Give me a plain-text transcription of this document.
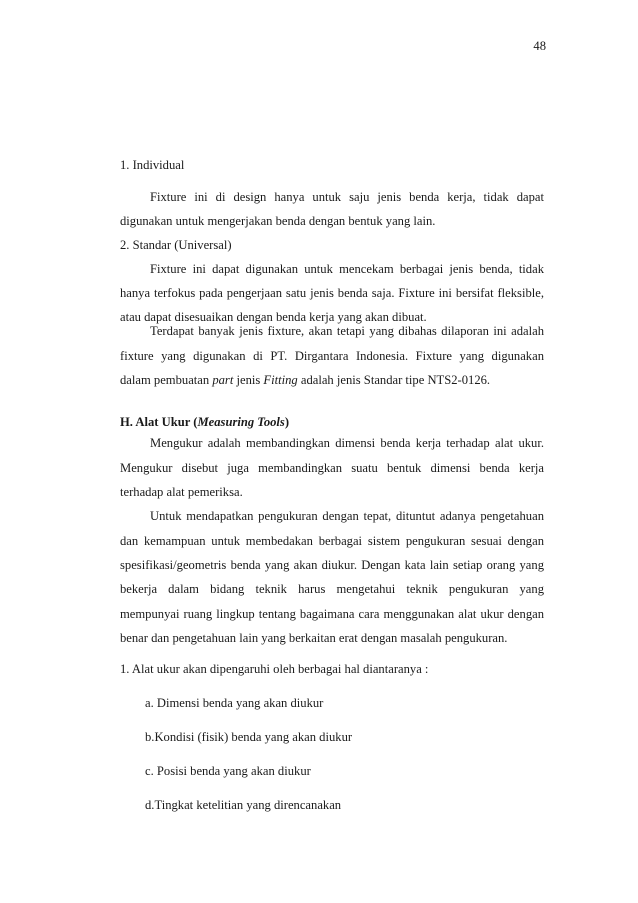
48
1. Individual
Fixture ini di design hanya untuk saju jenis benda kerja, tidak dapat
digunakan untuk mengerjakan benda dengan bentuk yang lain.
2. Standar (Universal)
Fixture ini dapat digunakan untuk mencekam berbagai jenis benda, tidak
hanya terfokus pada pengerjaan satu jenis benda saja. Fixture ini bersifat fleksible,
atau dapat disesuaikan dengan benda kerja yang akan dibuat.
Terdapat banyak jenis fixture, akan tetapi yang dibahas dilaporan ini adalah
fixture yang digunakan di PT. Dirgantara Indonesia. Fixture yang digunakan
dalam pembuatan part jenis Fitting adalah jenis Standar tipe NTS2-0126.
H. Alat Ukur (Measuring Tools)
Mengukur adalah membandingkan dimensi benda kerja terhadap alat ukur.
Mengukur disebut juga membandingkan suatu bentuk dimensi benda kerja
terhadap alat pemeriksa.
Untuk mendapatkan pengukuran dengan tepat, dituntut adanya pengetahuan
dan kemampuan untuk membedakan berbagai sistem pengukuran sesuai dengan
spesifikasi/geometris benda yang akan diukur. Dengan kata lain setiap orang yang
bekerja dalam bidang teknik harus mengetahui teknik pengukuran yang
mempunyai ruang lingkup tentang bagaimana cara menggunakan alat ukur dengan
benar dan pengetahuan lain yang berkaitan erat dengan masalah pengukuran.
1. Alat ukur akan dipengaruhi oleh berbagai hal diantaranya :
a. Dimensi benda yang akan diukur
b.Kondisi (fisik) benda yang akan diukur
c. Posisi benda yang akan diukur
d.Tingkat ketelitian yang direncanakan
